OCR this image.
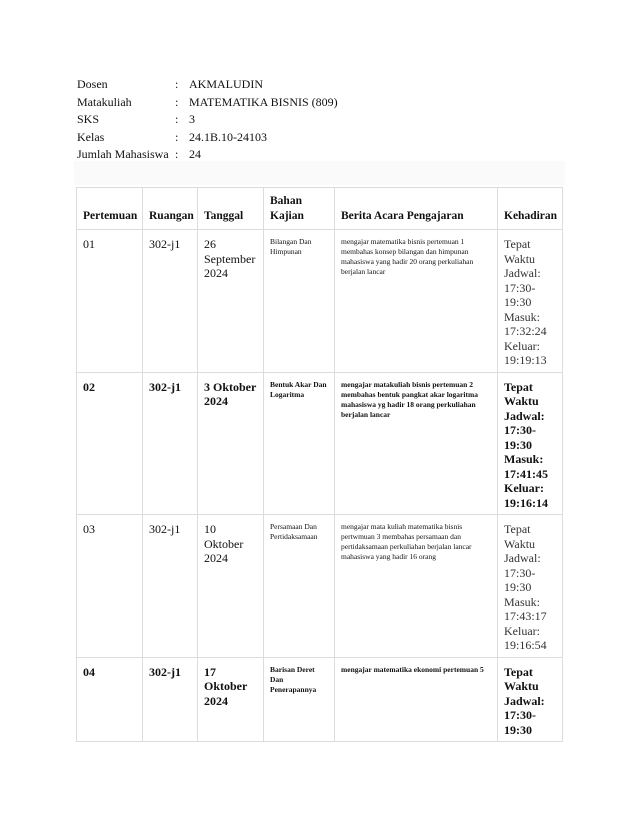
Dosen	: AKMALUDIN
Matakuliah	: MATEMATIKA BISNIS (809)
SKS	: 3
Kelas	: 24.1B.10-24103
Jumlah Mahasiswa : 24
Pertemuan	Ruangan	Tanggal	Bahan Kajian	Berita Acara Pengajaran	Kehadiran
01	302-j1	26 September 2024	Bilangan Dan Himpunan	mengajar matematika bisnis pertemuan 1 membahas konsep bilangan dan himpunan mahasiswa yang hadir 20 orang perkuliahan berjalan lancar	Tepat Waktu Jadwal: 17:30-19:30 Masuk: 17:32:24 Keluar: 19:19:13
02	302-j1	3 Oktober 2024	Bentuk Akar Dan Logaritma	mengajar matakuliah bisnis pertemuan 2 membahas bentuk pangkat akar logaritma mahasiswa yg hadir 18 orang perkuliahan berjalan lancar	Tepat Waktu Jadwal: 17:30-19:30 Masuk: 17:41:45 Keluar: 19:16:14
03	302-j1	10 Oktober 2024	Persamaan Dan Pertidaksamaan	mengajar mata kuliah matematika bisnis pertwmuan 3 membahas persamaan dan pertidaksamaan perkuliahan berjalan lancar mahasiswa yang hadir 16 orang	Tepat Waktu Jadwal: 17:30-19:30 Masuk: 17:43:17 Keluar: 19:16:54
04	302-j1	17 Oktober 2024	Barisan Deret Dan Penerapannya	mengajar matematika ekonomi pertemuan 5	Tepat Waktu Jadwal: 17:30-19:30
